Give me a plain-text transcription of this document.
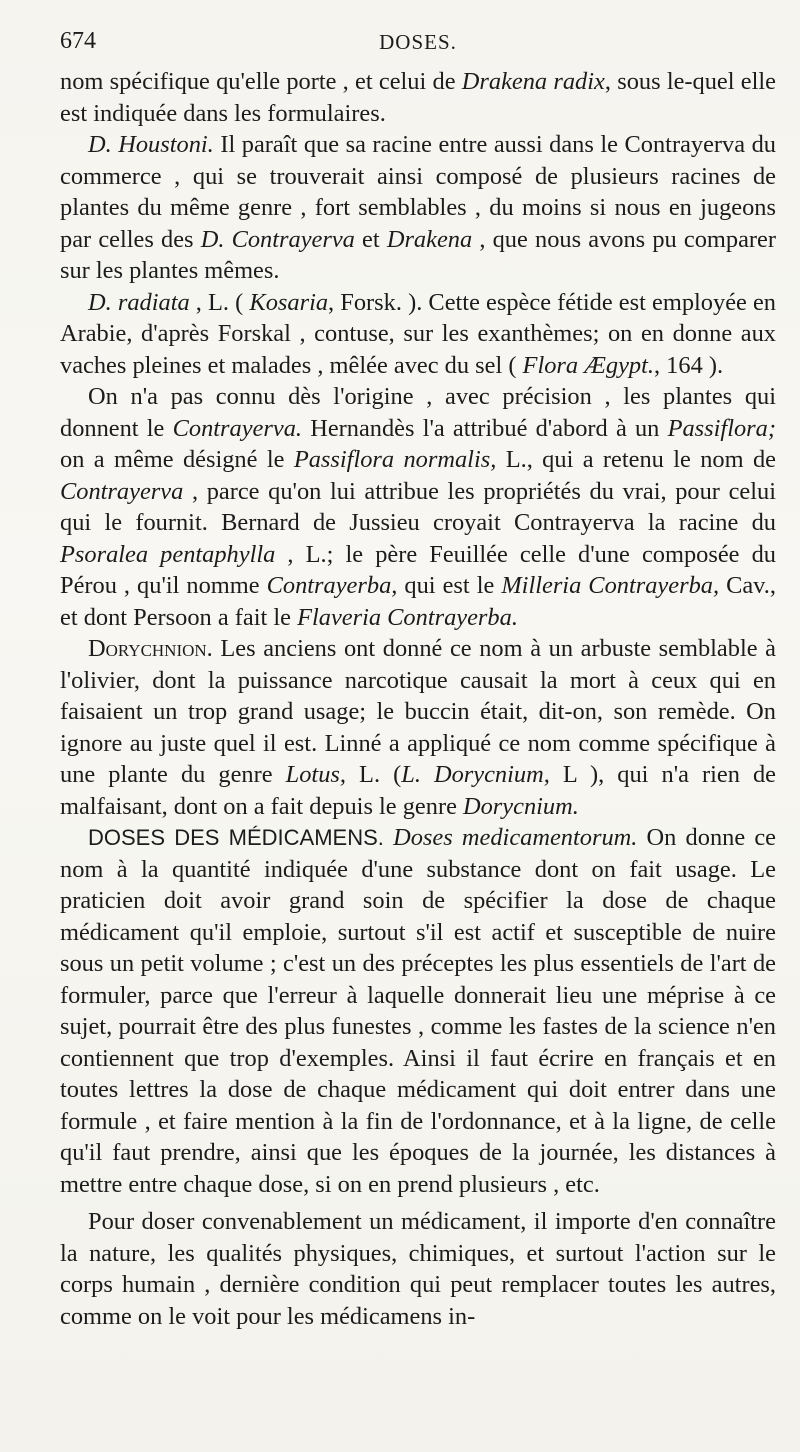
674	DOSES.

nom spécifique qu'elle porte , et celui de Drakena radix, sous le-quel elle est indiquée dans les formulaires.

D. Houstoni. Il paraît que sa racine entre aussi dans le Contrayerva du commerce , qui se trouverait ainsi composé de plusieurs racines de plantes du même genre , fort semblables , du moins si nous en jugeons par celles des D. Contrayerva et Drakena , que nous avons pu comparer sur les plantes mêmes.

D. radiata , L. ( Kosaria, Forsk. ). Cette espèce fétide est employée en Arabie, d'après Forskal , contuse, sur les exanthèmes; on en donne aux vaches pleines et malades , mêlée avec du sel ( Flora Ægypt., 164 ).

On n'a pas connu dès l'origine , avec précision , les plantes qui donnent le Contrayerva. Hernandès l'a attribué d'abord à un Passiflora; on a même désigné le Passiflora normalis, L., qui a retenu le nom de Contrayerva , parce qu'on lui attribue les propriétés du vrai, pour celui qui le fournit. Bernard de Jussieu croyait Contrayerva la racine du Psoralea pentaphylla , L.; le père Feuillée celle d'une composée du Pérou , qu'il nomme Contrayerba, qui est le Milleria Contrayerba, Cav., et dont Persoon a fait le Flaveria Contrayerba.

Dorychnion. Les anciens ont donné ce nom à un arbuste semblable à l'olivier, dont la puissance narcotique causait la mort à ceux qui en faisaient un trop grand usage; le buccin était, dit-on, son remède. On ignore au juste quel il est. Linné a appliqué ce nom comme spécifique à une plante du genre Lotus, L. (L. Dorycnium, L ), qui n'a rien de malfaisant, dont on a fait depuis le genre Dorycnium.

DOSES DES MÉDICAMENS. Doses medicamentorum. On donne ce nom à la quantité indiquée d'une substance dont on fait usage. Le praticien doit avoir grand soin de spécifier la dose de chaque médicament qu'il emploie, surtout s'il est actif et susceptible de nuire sous un petit volume ; c'est un des préceptes les plus essentiels de l'art de formuler, parce que l'erreur à laquelle donnerait lieu une méprise à ce sujet, pourrait être des plus funestes , comme les fastes de la science n'en contiennent que trop d'exemples. Ainsi il faut écrire en français et en toutes lettres la dose de chaque médicament qui doit entrer dans une formule , et faire mention à la fin de l'ordonnance, et à la ligne, de celle qu'il faut prendre, ainsi que les époques de la journée, les distances à mettre entre chaque dose, si on en prend plusieurs , etc.

Pour doser convenablement un médicament, il importe d'en connaître la nature, les qualités physiques, chimiques, et surtout l'action sur le corps humain , dernière condition qui peut remplacer toutes les autres, comme on le voit pour les médicamens in-
